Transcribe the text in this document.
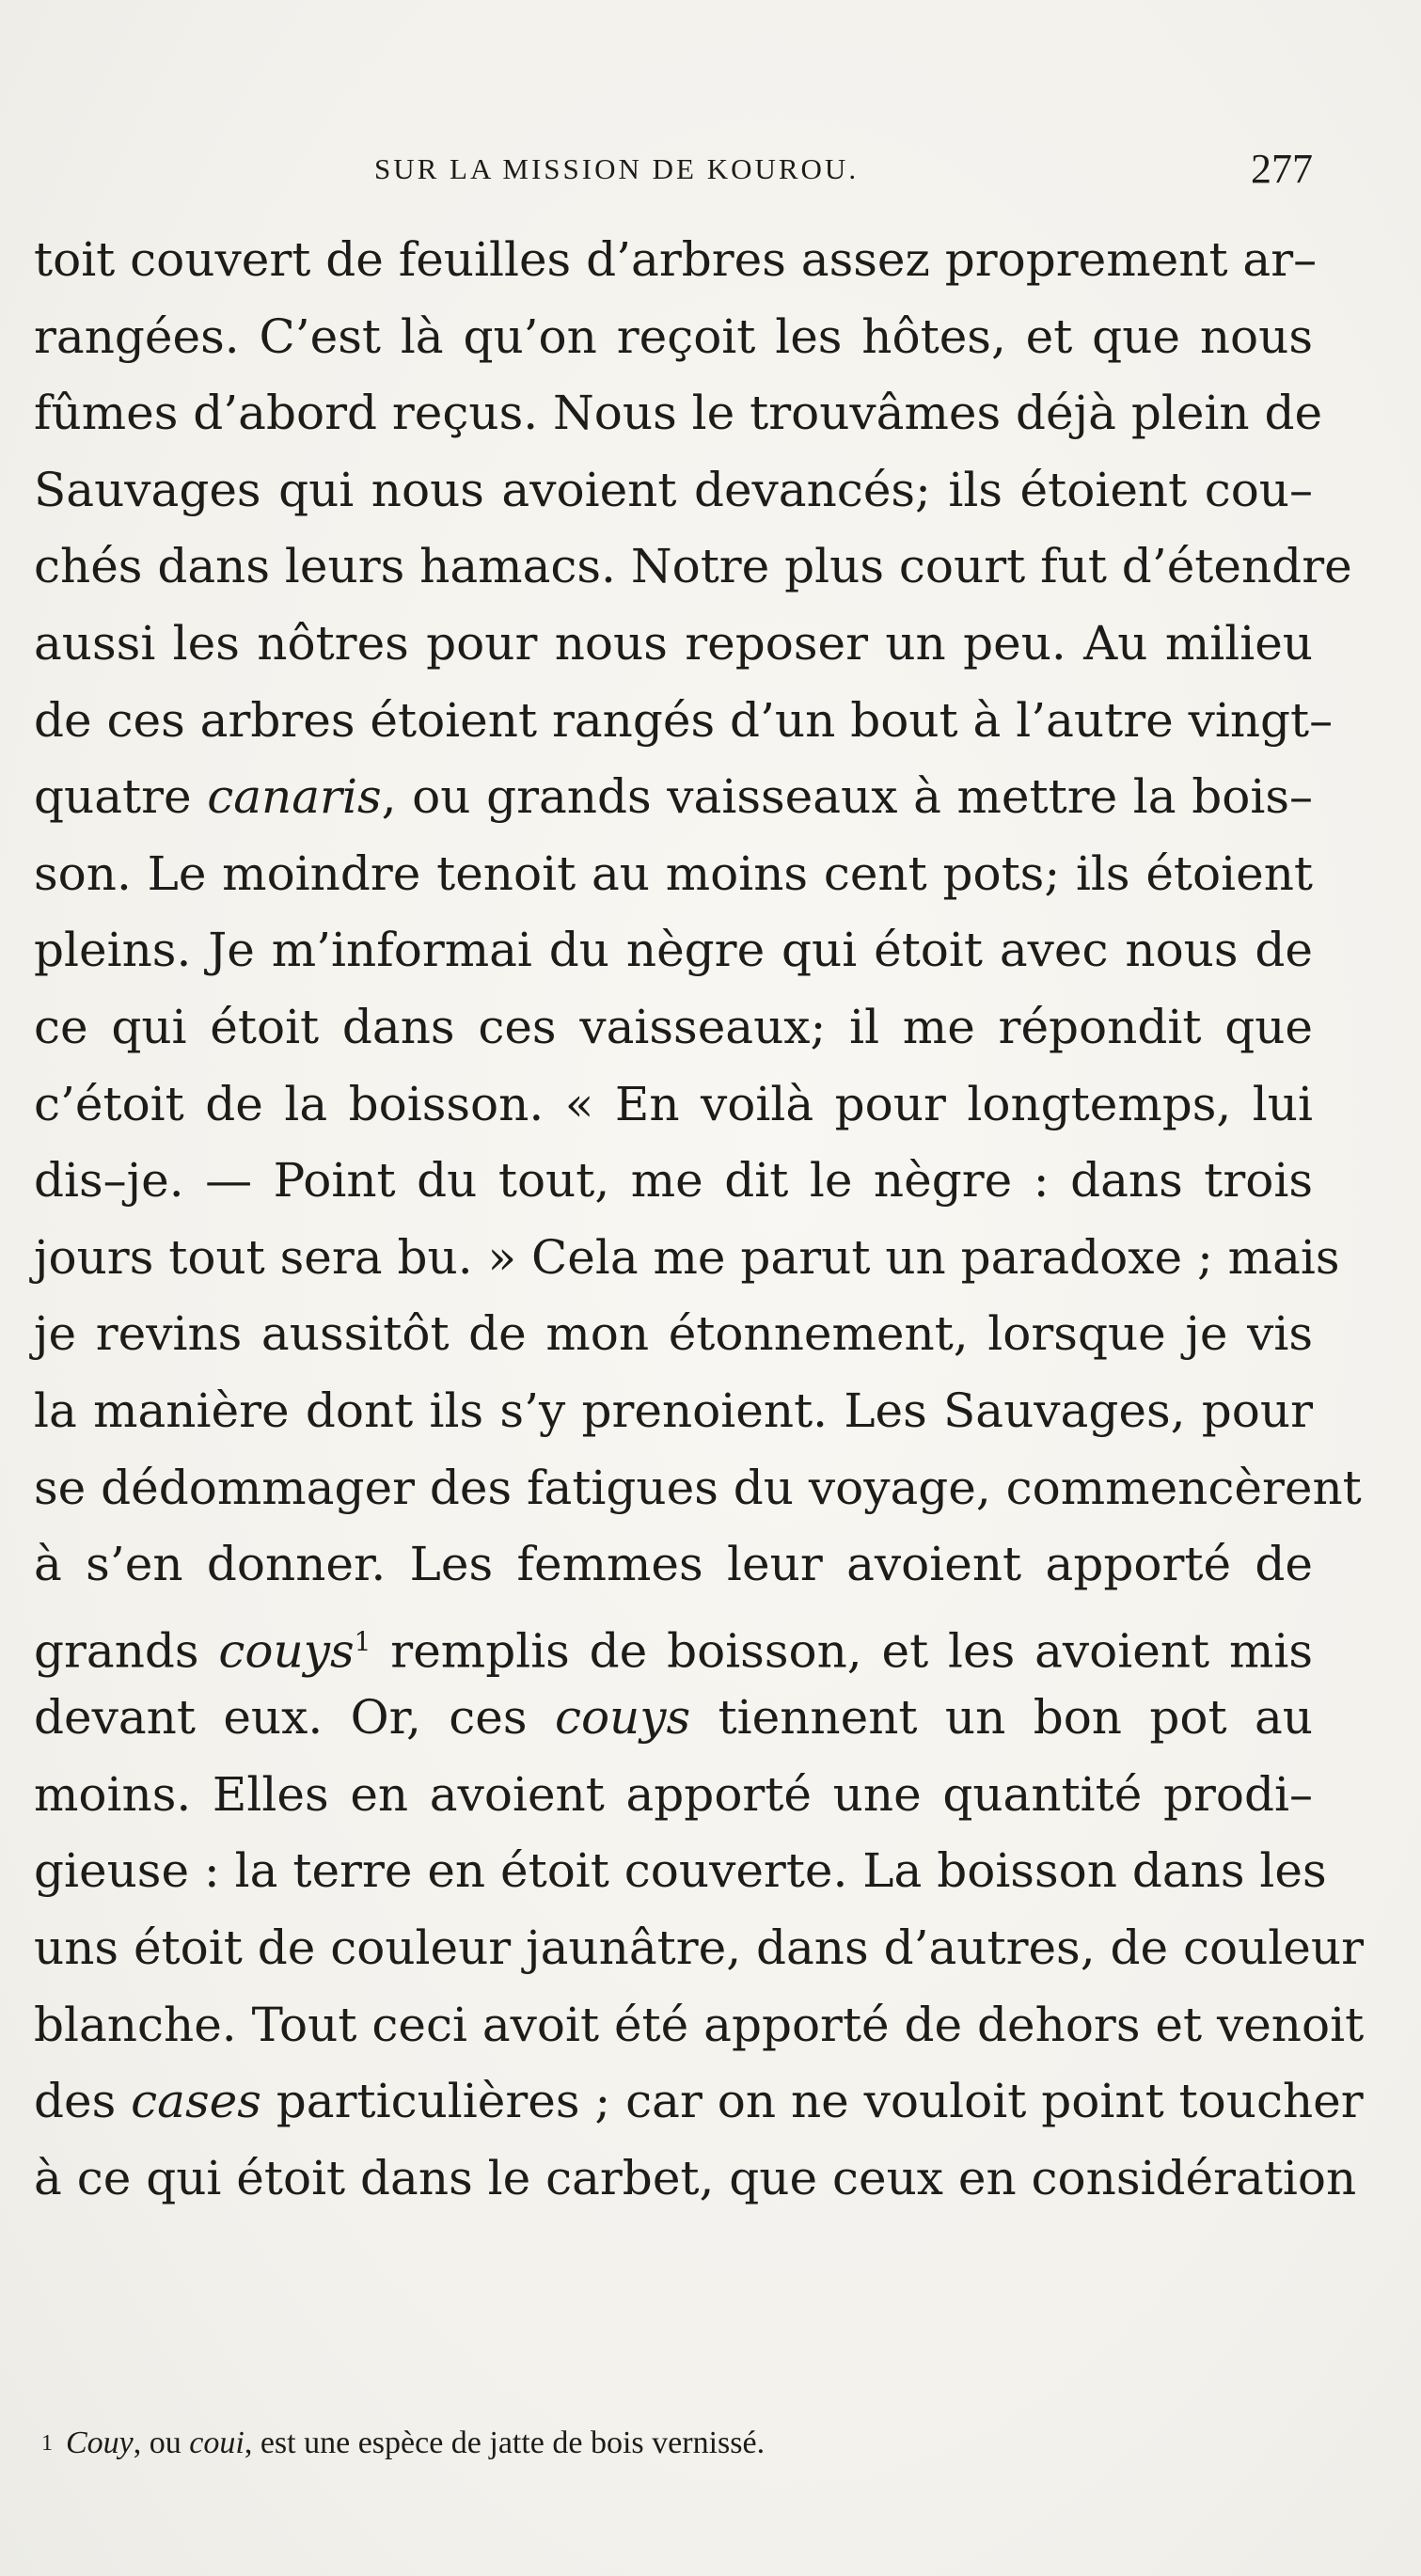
SUR LA MISSION DE KOUROU.	277
toit couvert de feuilles d’arbres assez proprement ar–
rangées. C’est là qu’on reçoit les hôtes, et que nous
fûmes d’abord reçus. Nous le trouvâmes déjà plein de
Sauvages qui nous avoient devancés; ils étoient cou–
chés dans leurs hamacs. Notre plus court fut d’étendre
aussi les nôtres pour nous reposer un peu. Au milieu
de ces arbres étoient rangés d’un bout à l’autre vingt–
quatre canaris, ou grands vaisseaux à mettre la bois–
son. Le moindre tenoit au moins cent pots; ils étoient
pleins. Je m’informai du nègre qui étoit avec nous de
ce qui étoit dans ces vaisseaux; il me répondit que
c’étoit de la boisson. « En voilà pour longtemps, lui
dis–je. — Point du tout, me dit le nègre : dans trois
jours tout sera bu. » Cela me parut un paradoxe ; mais
je revins aussitôt de mon étonnement, lorsque je vis
la manière dont ils s’y prenoient. Les Sauvages, pour
se dédommager des fatigues du voyage, commencèrent
à s’en donner. Les femmes leur avoient apporté de
grands couys$^1$ remplis de boisson, et les avoient mis
devant eux. Or, ces couys tiennent un bon pot au
moins. Elles en avoient apporté une quantité prodi–
gieuse : la terre en étoit couverte. La boisson dans les
uns étoit de couleur jaunâtre, dans d’autres, de couleur
blanche. Tout ceci avoit été apporté de dehors et venoit
des cases particulières ; car on ne vouloit point toucher
à ce qui étoit dans le carbet, que ceux en considération
$^1$ Couy, ou coui, est une espèce de jatte de bois vernissé.
